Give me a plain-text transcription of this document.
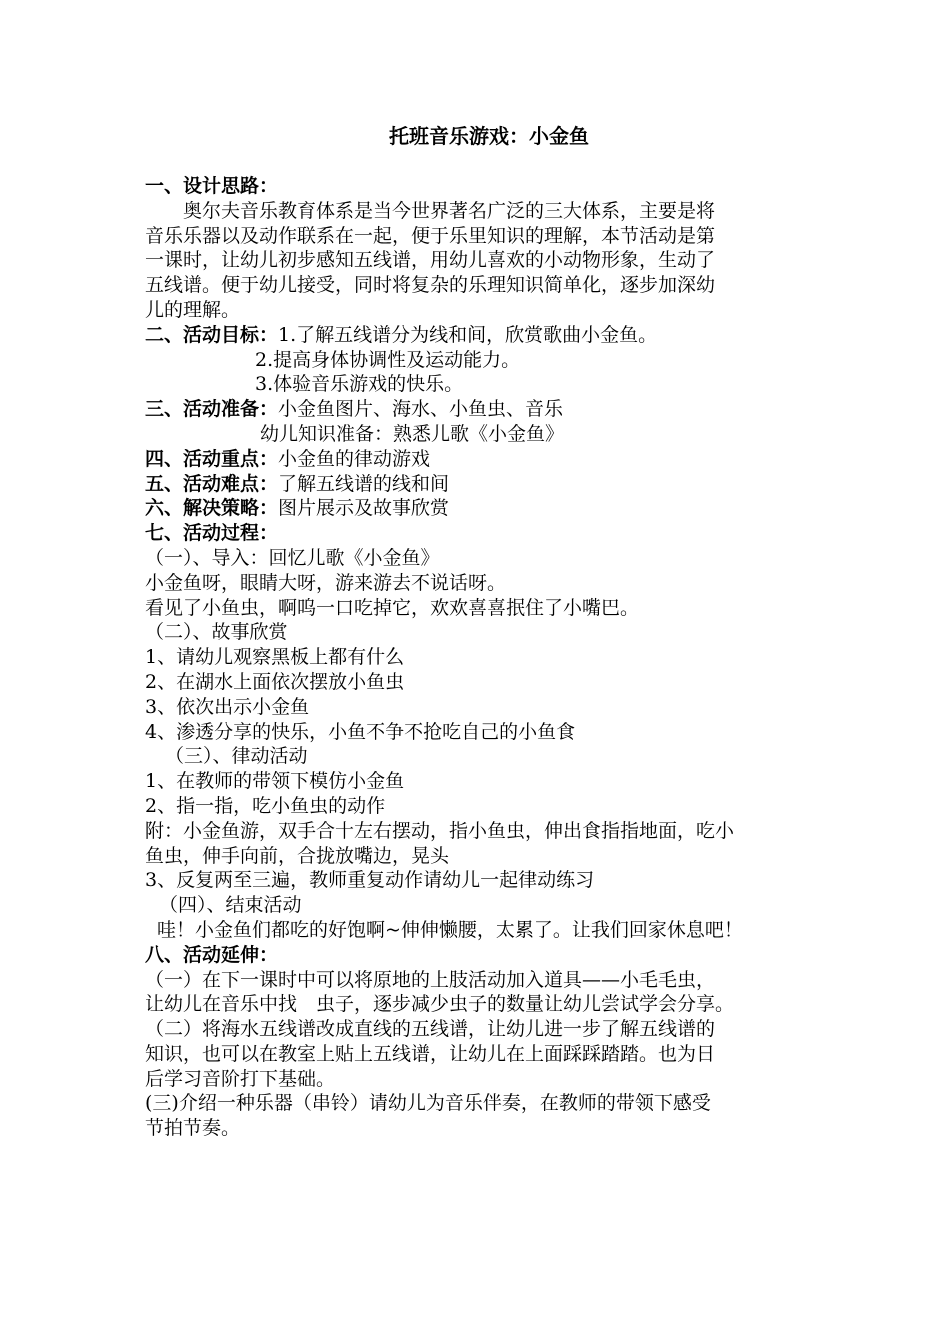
托班音乐游戏：小金鱼
一、设计思路：
奥尔夫音乐教育体系是当今世界著名广泛的三大体系，主要是将
音乐乐器以及动作联系在一起，便于乐里知识的理解，本节活动是第
一课时，让幼儿初步感知五线谱，用幼儿喜欢的小动物形象，生动了
五线谱。便于幼儿接受，同时将复杂的乐理知识简单化，逐步加深幼
儿的理解。
二、活动目标：1.了解五线谱分为线和间，欣赏歌曲小金鱼。
2.提高身体协调性及运动能力。
3.体验音乐游戏的快乐。
三、活动准备：小金鱼图片、海水、小鱼虫、音乐
幼儿知识准备：熟悉儿歌《小金鱼》
四、活动重点：小金鱼的律动游戏
五、活动难点：了解五线谱的线和间
六、解决策略：图片展示及故事欣赏
七、活动过程：
（一）、导入：回忆儿歌《小金鱼》
小金鱼呀，眼睛大呀，游来游去不说话呀。
看见了小鱼虫，啊呜一口吃掉它，欢欢喜喜抿住了小嘴巴。
（二）、故事欣赏
1、请幼儿观察黑板上都有什么
2、在湖水上面依次摆放小鱼虫
3、依次出示小金鱼
4、渗透分享的快乐，小鱼不争不抢吃自己的小鱼食
（三）、律动活动
1、在教师的带领下模仿小金鱼
2、指一指，吃小鱼虫的动作
附：小金鱼游，双手合十左右摆动，指小鱼虫，伸出食指指地面，吃小
鱼虫，伸手向前，合拢放嘴边，晃头
3、反复两至三遍，教师重复动作请幼儿一起律动练习
（四）、结束活动
哇！小金鱼们都吃的好饱啊~伸伸懒腰，太累了。让我们回家休息吧！
八、活动延伸：
（一）在下一课时中可以将原地的上肢活动加入道具——小毛毛虫，
让幼儿在音乐中找　虫子，逐步减少虫子的数量让幼儿尝试学会分享。
（二）将海水五线谱改成直线的五线谱，让幼儿进一步了解五线谱的
知识，也可以在教室上贴上五线谱，让幼儿在上面踩踩踏踏。也为日
后学习音阶打下基础。
(三)介绍一种乐器（串铃）请幼儿为音乐伴奏，在教师的带领下感受
节拍节奏。
